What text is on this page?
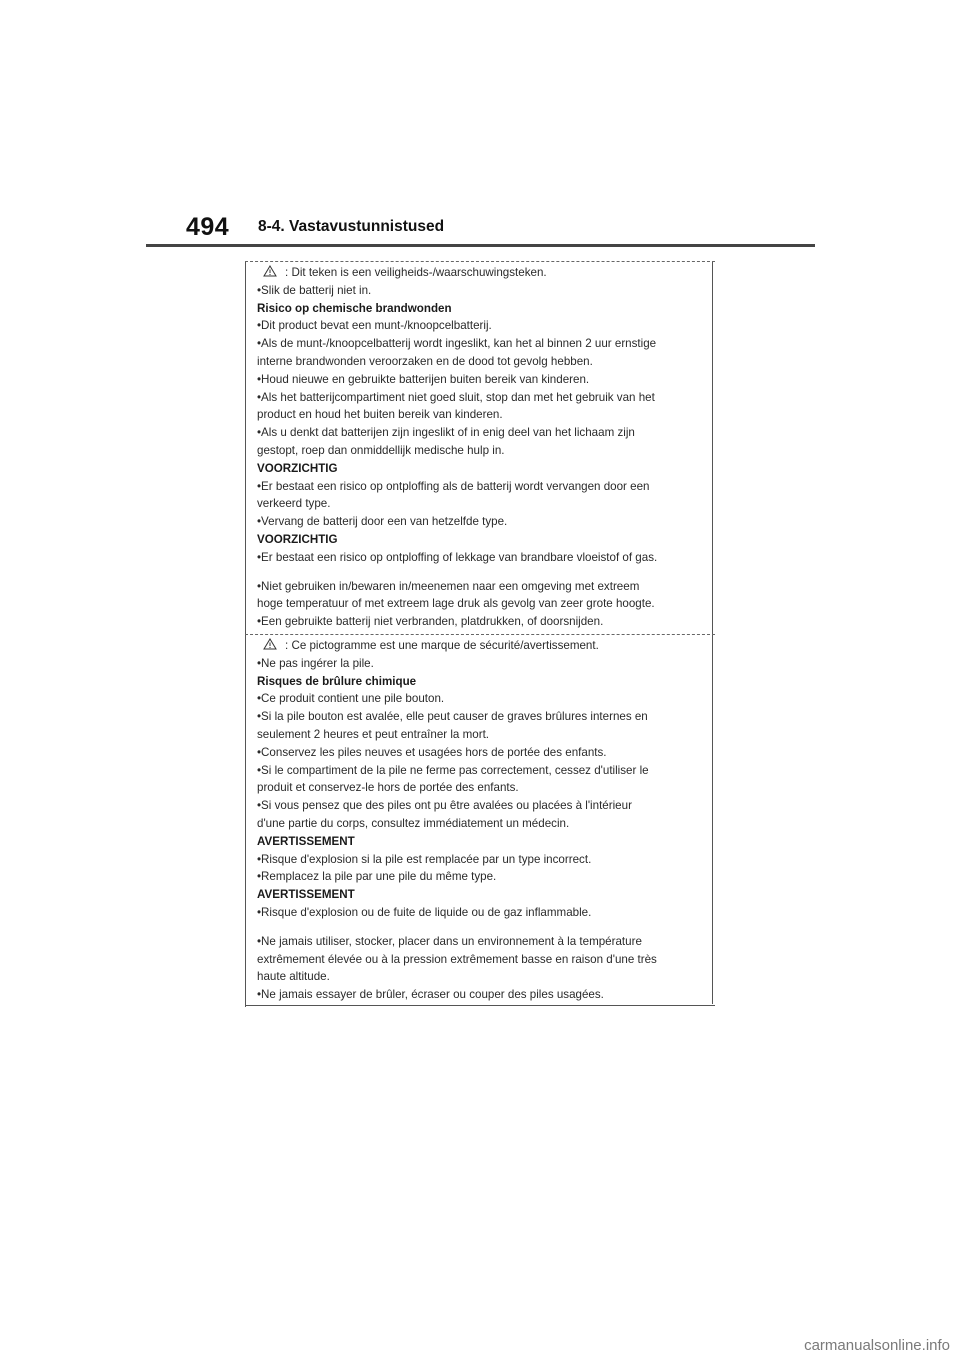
494 8-4. Vastavustunnistused
: Dit teken is een veiligheids-/waarschuwingsteken.
•Slik de batterij niet in.
Risico op chemische brandwonden
•Dit product bevat een munt-/knoopcelbatterij.
•Als de munt-/knoopcelbatterij wordt ingeslikt, kan het al binnen 2 uur ernstige
interne brandwonden veroorzaken en de dood tot gevolg hebben.
•Houd nieuwe en gebruikte batterijen buiten bereik van kinderen.
•Als het batterijcompartiment niet goed sluit, stop dan met het gebruik van het
product en houd het buiten bereik van kinderen.
•Als u denkt dat batterijen zijn ingeslikt of in enig deel van het lichaam zijn
gestopt, roep dan onmiddellijk medische hulp in.
VOORZICHTIG
•Er bestaat een risico op ontploffing als de batterij wordt vervangen door een
verkeerd type.
•Vervang de batterij door een van hetzelfde type.
VOORZICHTIG
•Er bestaat een risico op ontploffing of lekkage van brandbare vloeistof of gas.
•Niet gebruiken in/bewaren in/meenemen naar een omgeving met extreem
hoge temperatuur of met extreem lage druk als gevolg van zeer grote hoogte.
•Een gebruikte batterij niet verbranden, platdrukken, of doorsnijden.
: Ce pictogramme est une marque de sécurité/avertissement.
•Ne pas ingérer la pile.
Risques de brûlure chimique
•Ce produit contient une pile bouton.
•Si la pile bouton est avalée, elle peut causer de graves brûlures internes en
seulement 2 heures et peut entraîner la mort.
•Conservez les piles neuves et usagées hors de portée des enfants.
•Si le compartiment de la pile ne ferme pas correctement, cessez d'utiliser le
produit et conservez-le hors de portée des enfants.
•Si vous pensez que des piles ont pu être avalées ou placées à l'intérieur
d'une partie du corps, consultez immédiatement un médecin.
AVERTISSEMENT
•Risque d'explosion si la pile est remplacée par un type incorrect.
•Remplacez la pile par une pile du même type.
AVERTISSEMENT
•Risque d'explosion ou de fuite de liquide ou de gaz inflammable.
•Ne jamais utiliser, stocker, placer dans un environnement à la température
extrêmement élevée ou à la pression extrêmement basse en raison d'une très
haute altitude.
•Ne jamais essayer de brûler, écraser ou couper des piles usagées.
carmanualsonline.info
